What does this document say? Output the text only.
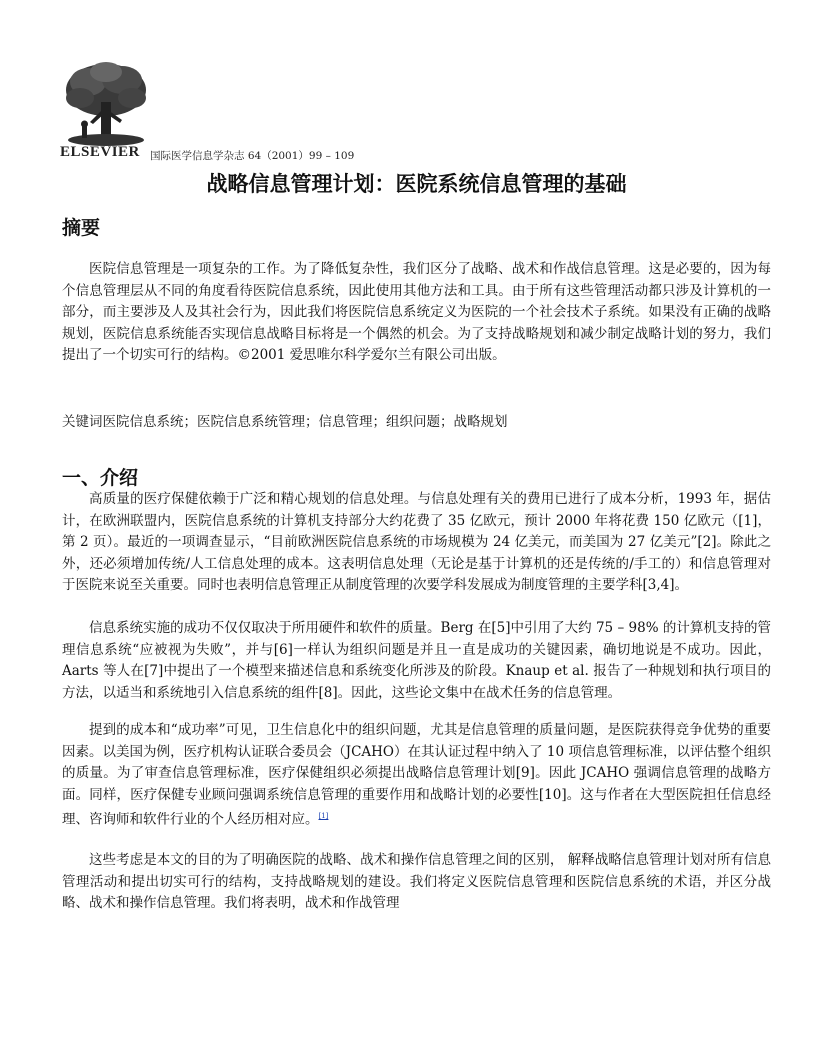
ELSEVIER 国际医学信息学杂志 64（2001）99 – 109
战略信息管理计划：医院系统信息管理的基础
摘要

医院信息管理是一项复杂的工作。为了降低复杂性，我们区分了战略、战术和作战信息管理。这是必要的，因为每个信息管理层从不同的角度看待医院信息系统，因此使用其他方法和工具。由于所有这些管理活动都只涉及计算机的一部分，而主要涉及人及其社会行为，因此我们将医院信息系统定义为医院的一个社会技术子系统。如果没有正确的战略规划，医院信息系统能否实现信息战略目标将是一个偶然的机会。为了支持战略规划和减少制定战略计划的努力，我们提出了一个切实可行的结构。©2001 爱思唯尔科学爱尔兰有限公司出版。

关键词医院信息系统；医院信息系统管理；信息管理；组织问题；战略规划

一、介绍

高质量的医疗保健依赖于广泛和精心规划的信息处理。与信息处理有关的费用已进行了成本分析，1993 年，据估计，在欧洲联盟内，医院信息系统的计算机支持部分大约花费了 35 亿欧元，预计 2000 年将花费 150 亿欧元（[1]，第 2 页）。最近的一项调查显示，“目前欧洲医院信息系统的市场规模为 24 亿美元，而美国为 27 亿美元”[2]。除此之外，还必须增加传统/人工信息处理的成本。这表明信息处理（无论是基于计算机的还是传统的/手工的）和信息管理对于医院来说至关重要。同时也表明信息管理正从制度管理的次要学科发展成为制度管理的主要学科[3,4]。

信息系统实施的成功不仅仅取决于所用硬件和软件的质量。Berg 在[5]中引用了大约 75 – 98% 的计算机支持的管理信息系统“应被视为失败”，并与[6]一样认为组织问题是并且一直是成功的关键因素，确切地说是不成功。因此，Aarts 等人在[7]中提出了一个模型来描述信息和系统变化所涉及的阶段。Knaup et al. 报告了一种规划和执行项目的方法，以适当和系统地引入信息系统的组件[8]。因此，这些论文集中在战术任务的信息管理。

提到的成本和“成功率”可见，卫生信息化中的组织问题，尤其是信息管理的质量问题，是医院获得竞争优势的重要因素。以美国为例，医疗机构认证联合委员会（JCAHO）在其认证过程中纳入了 10 项信息管理标准，以评估整个组织的质量。为了审查信息管理标准，医疗保健组织必须提出战略信息管理计划[9]。因此 JCAHO 强调信息管理的战略方面。同样，医疗保健专业顾问强调系统信息管理的重要作用和战略计划的必要性[10]。这与作者在大型医院担任信息经理、咨询师和软件行业的个人经历相对应。[1]

这些考虑是本文的目的为了明确医院的战略、战术和操作信息管理之间的区别， 解释战略信息管理计划对所有信息管理活动和提出切实可行的结构，支持战略规划的建设。我们将定义医院信息管理和医院信息系统的术语，并区分战略、战术和操作信息管理。我们将表明，战术和作战管理
